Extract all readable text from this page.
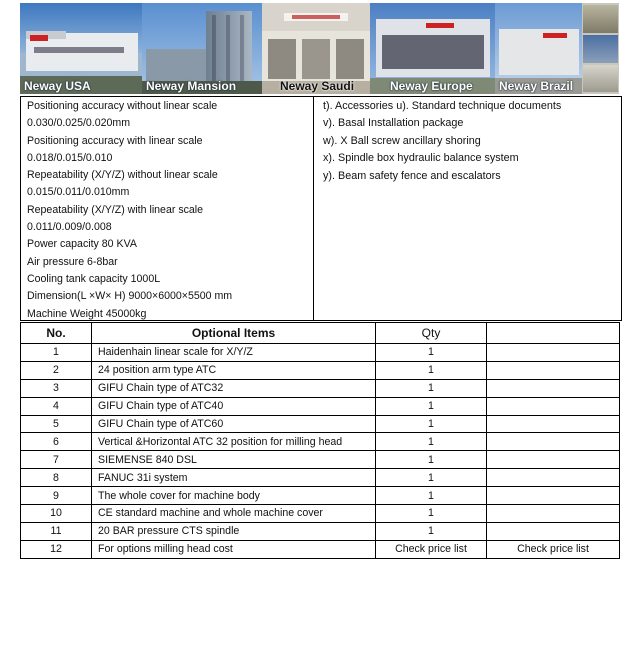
Neway USA	Neway Mansion	Neway Saudi	Neway Europe Neway Brazil
Positioning accuracy without linear scale
0.030/0.025/0.020mm
Positioning accuracy with linear scale
0.018/0.015/0.010
Repeatability (X/Y/Z) without linear scale
0.015/0.011/0.010mm
Repeatability (X/Y/Z) with linear scale
0.011/0.009/0.008
Power capacity 80 KVA
Air pressure 6-8bar
Cooling tank capacity 1000L
Dimension(L ×W× H) 9000×6000×5500 mm
Machine Weight 45000kg
t). Accessories u). Standard technique documents
v). Basal Installation package
w). X Ball screw ancillary shoring
x). Spindle box hydraulic balance system
y). Beam safety fence and escalators
No.	Optional Items	Qty	
1	Haidenhain linear scale for X/Y/Z	1	
2	24 position arm type ATC	1	
3	GIFU Chain type of ATC32	1	
4	GIFU Chain type of ATC40	1	
5	GIFU Chain type of ATC60	1	
6	Vertical &Horizontal ATC 32 position for milling head	1	
7	SIEMENSE 840 DSL	1	
8	FANUC 31i system	1	
9	The whole cover for machine body	1	
10	CE standard machine and whole machine cover	1	
11	20 BAR pressure CTS spindle	1	
12	For options milling head cost	Check price list	Check price list
